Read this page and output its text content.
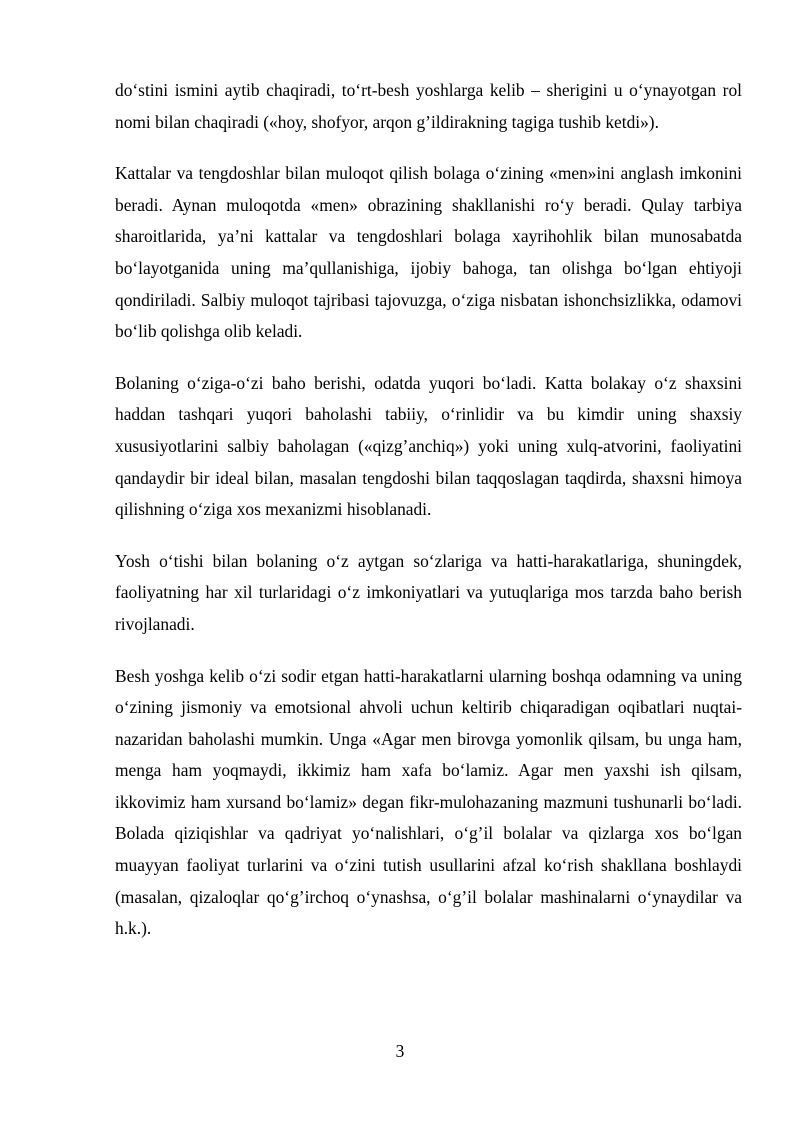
do‘stini ismini aytib chaqiradi, to‘rt-besh yoshlarga kelib – sherigini u o‘ynayotgan rol nomi bilan chaqiradi («hoy, shofyor, arqon g’ildirakning tagiga tushib ketdi»).

Kattalar va tengdoshlar bilan muloqot qilish bolaga o‘zining «men»ini anglash imkonini beradi. Aynan muloqotda «men» obrazining shakllanishi ro‘y beradi. Qulay tarbiya sharoitlarida, ya’ni kattalar va tengdoshlari bolaga xayrihohlik bilan munosabatda bo‘layotganida uning ma’qullanishiga, ijobiy bahoga, tan olishga bo‘lgan ehtiyoji qondiriladi. Salbiy muloqot tajribasi tajovuzga, o‘ziga nisbatan ishonchsizlikka, odamovi bo‘lib qolishga olib keladi.

Bolaning o‘ziga-o‘zi baho berishi, odatda yuqori bo‘ladi. Katta bolakay o‘z shaxsini haddan tashqari yuqori baholashi tabiiy, o‘rinlidir va bu kimdir uning shaxsiy xususiyotlarini salbiy baholagan («qizg’anchiq») yoki uning xulq-atvorini, faoliyatini qandaydir bir ideal bilan, masalan tengdoshi bilan taqqoslagan taqdirda, shaxsni himoya qilishning o‘ziga xos mexanizmi hisoblanadi.

Yosh o‘tishi bilan bolaning o‘z aytgan so‘zlariga va hatti-harakatlariga, shuningdek, faoliyatning har xil turlaridagi o‘z imkoniyatlari va yutuqlariga mos tarzda baho berish rivojlanadi.

Besh yoshga kelib o‘zi sodir etgan hatti-harakatlarni ularning boshqa odamning va uning o‘zining jismoniy va emotsional ahvoli uchun keltirib chiqaradigan oqibatlari nuqtai-nazaridan baholashi mumkin. Unga «Agar men birovga yomonlik qilsam, bu unga ham, menga ham yoqmaydi, ikkimiz ham xafa bo‘lamiz. Agar men yaxshi ish qilsam, ikkovimiz ham xursand bo‘lamiz» degan fikr-mulohazaning mazmuni tushunarli bo‘ladi. Bolada qiziqishlar va qadriyat yo‘nalishlari, o‘g’il bolalar va qizlarga xos bo‘lgan muayyan faoliyat turlarini va o‘zini tutish usullarini afzal ko‘rish shakllana boshlaydi (masalan, qizaloqlar qo‘g’irchoq o‘ynashsa, o‘g’il bolalar mashinalarni o‘ynaydilar va h.k.).

3
